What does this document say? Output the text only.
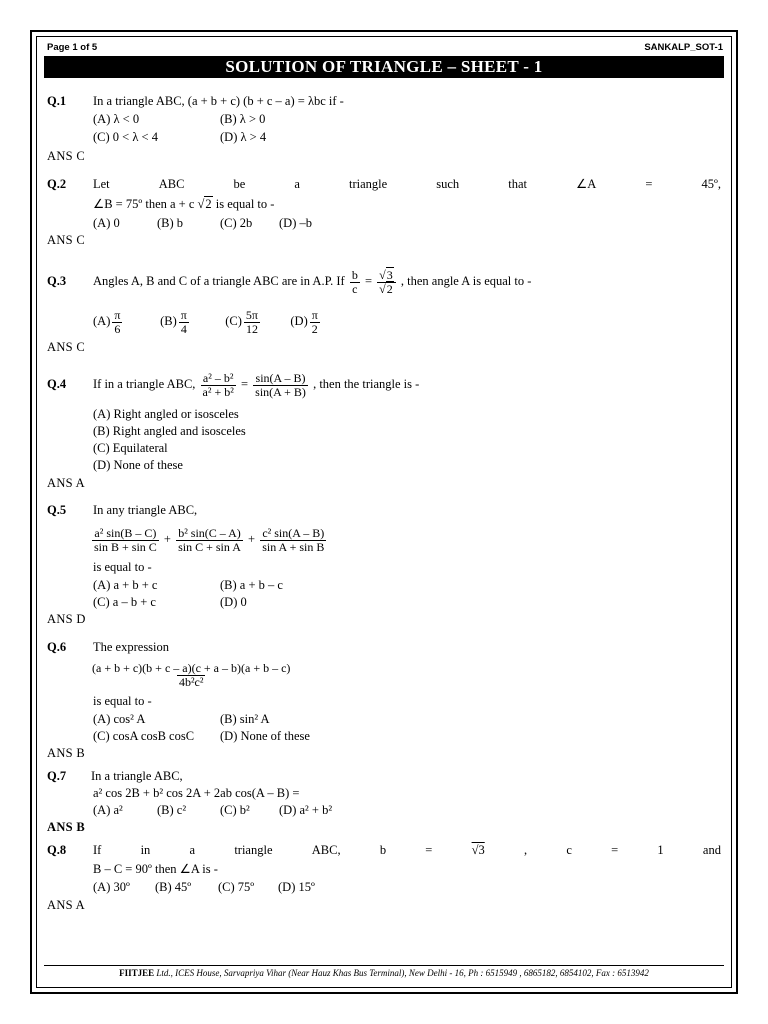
Page 1 of 5	SANKALP_SOT-1
SOLUTION OF TRIANGLE – SHEET - 1
Q.1 In a triangle ABC, (a + b + c) (b + c – a) = λbc if -
(A) λ < 0	(B) λ > 0
(C) 0 < λ < 4	(D) λ > 4
ANS C
Q.2 Let	ABC	be	a	triangle	such	that	∠A	=	45º,
∠B = 75º then a + c √2 is equal to -
(A) 0	(B) b	(C) 2b (D) –b
ANS C
Q.3 Angles A, B and C of a triangle ABC are in A.P. If $\frac{b}{c} = \frac{√3}{√2}$ , then angle A is equal to -
$(A) \frac{\pi}{6}$	$(B) \frac{\pi}{4}$	$(C) \frac{5\pi}{12} (D) \frac{\pi}{2}$
ANS C
Q.4 If in a triangle ABC, $\frac{\text{a² – b²}}{\text{a² + b²}} = \frac{\sin(A - B)}{\sin(A + B)}$ , then the triangle is -
(A) Right angled or isosceles
(B) Right angled and isosceles
(C) Equilateral
(D) None of these
ANS A
Q.5 In any triangle ABC,
$\frac{\text{a² sin(B – C)}}{\text{sin B + sin C}} + \frac{\text{b² sin(C – A)}}{\text{sin C + sin A}} + \frac{\text{c² sin(A – B)}}{\text{sin A + sin B}}$
is equal to -
(A) a + b + c	(B) a + b – c
(C) a – b + c	(D) 0
ANS D
Q.6 The expression
$\frac{(a + b + c)(b + c - a)(c + a - b)(a + b - c)}{\text{4b²c²}}$
is equal to -
(A) cos² A	(B) sin² A
(C) cosA cosB cosC (D) None of these
ANS B
Q.7 In a triangle ABC,
a² cos 2B + b² cos 2A + 2ab cos(A – B) =
(A) a²	(B) c²	(C) b² (D) a² + b²
ANS B
Q.8 If	in	a	triangle	ABC,	b	=	√3	,	c	=	1	and
B – C = 90º then ∠A is -
(A) 30º (B) 45º (C) 75º (D) 15º
ANS A
FIITJEE Ltd., ICES House, Sarvapriya Vihar (Near Hauz Khas Bus Terminal), New Delhi - 16, Ph : 6515949 , 6865182, 6854102, Fax : 6513942
